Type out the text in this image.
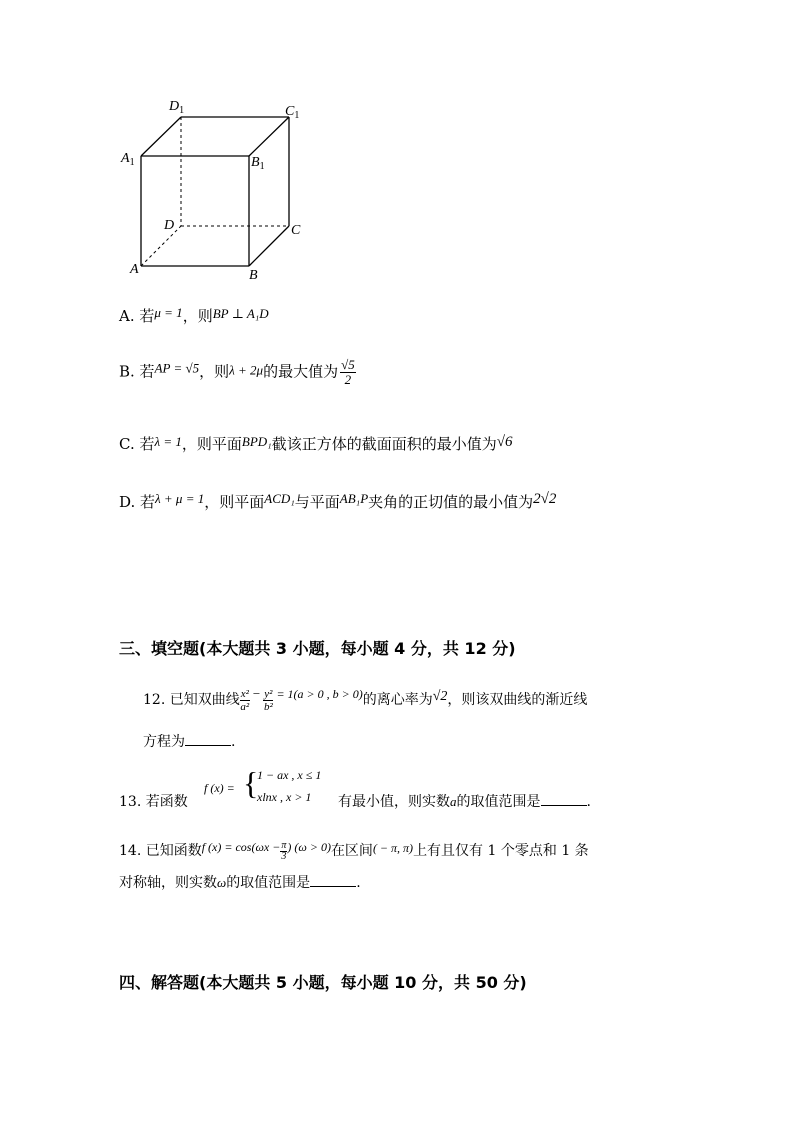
$D_1$	$C_1$
$A_1$	$B_1$
D	C
A	B
A. 若μ = 1，则BP ⊥ A₁D
B. 若AP = √5，则λ + 2μ的最大值为 $\frac{√5}{2}$
C. 若λ = 1，则平面BPD₁截该正方体的截面面积的最小值为√6
D. 若λ + μ = 1，则平面ACD₁与平面AB₁P夹角的正切值的最小值为2√2
三、填空题(本大题共 3 小题，每小题 4 分，共 12 分)
12. 已知双曲线 $\frac{\text{x²}}{\text{a²}} - \frac{\text{y²}}{\text{b²}} = 1(a > 0$ , b > 0)的离心率为√2，则该双曲线的渐近线
方程为	.
13. 若函数
f (x) = {
1 − ax , x ≤ 1
xlnx , x > 1 有最小值，则实数a的取值范围是	.
14. 已知函数f $(x) = \cos(\omega x - \frac{\pi}{3}$ ) (ω > 0)在区间( − π, π)上有且仅有 1 个零点和 1 条
对称轴，则实数ω的取值范围是	.
四、解答题(本大题共 5 小题，每小题 10 分，共 50 分)
